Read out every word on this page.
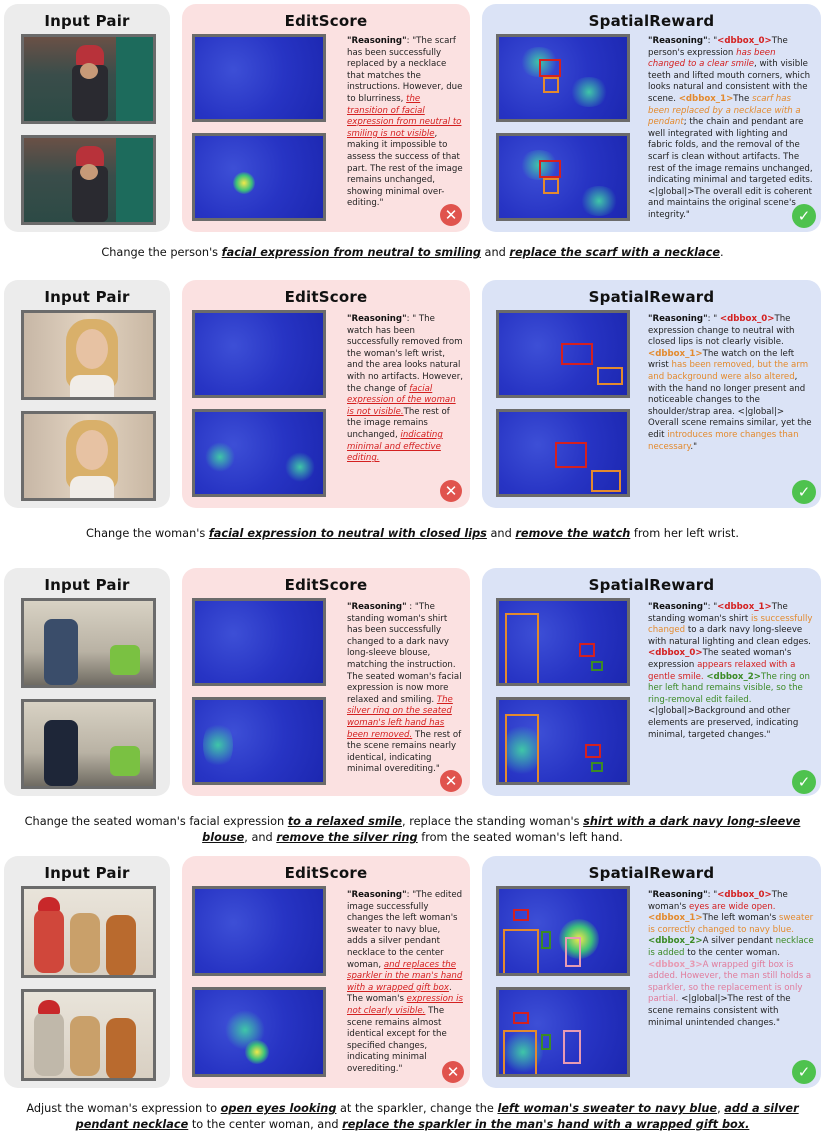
Input Pair	EditScore
"Reasoning": "The scarf has been successfully replaced by a necklace that matches the instructions. However, due to blurriness, the transition of facial expression from neutral to smiling is not visible, making it impossible to assess the success of that part. The rest of the image remains unchanged, showing minimal over-editing."
✕
SpatialReward
"Reasoning": "<dbbox_0>The person's expression has been changed to a clear smile, with visible teeth and lifted mouth corners, which looks natural and consistent with the scene. <dbbox_1>The scarf has been replaced by a necklace with a pendant; the chain and pendant are well integrated with lighting and fabric folds, and the removal of the scarf is clean without artifacts. The rest of the image remains unchanged, indicating minimal and targeted edits. <|global|>The overall edit is coherent and maintains the original scene's integrity."	✓
Change the person's facial expression from neutral to smiling and replace the scarf with a necklace.
Input Pair	EditScore
"Reasoning": " The watch has been successfully removed from the woman's left wrist, and the area looks natural with no artifacts. However, the change of facial expression of the woman is not visible.The rest of the image remains unchanged, indicating minimal and effective editing.
✕
SpatialReward
"Reasoning": " <dbbox_0>The expression change to neutral with closed lips is not clearly visible. <dbbox_1>The watch on the left wrist has been removed, but the arm and background were also altered, with the hand no longer present and noticeable changes to the shoulder/strap area. <|global|> Overall scene remains similar, yet the edit introduces more changes than necessary."
✓
Change the woman's facial expression to neutral with closed lips and remove the watch from her left wrist.
Input Pair	EditScore
"Reasoning" : "The standing woman's shirt has been successfully changed to a dark navy long-sleeve blouse, matching the instruction. The seated woman's facial expression is now more relaxed and smiling. The silver ring on the seated woman's left hand has been removed. The rest of the scene remains nearly identical, indicating minimal overediting."
✕
SpatialReward
"Reasoning": "<dbbox_1>The standing woman's shirt is successfully changed to a dark navy long-sleeve with natural lighting and clean edges. <dbbox_0>The seated woman's expression appears relaxed with a gentle smile. <dbbox_2>The ring on her left hand remains visible, so the ring-removal edit failed. <|global|>Background and other elements are preserved, indicating minimal, targeted changes."
✓
Change the seated woman's facial expression to a relaxed smile, replace the standing woman's shirt with a dark navy long-sleeve blouse, and remove the silver ring from the seated woman's left hand.
Input Pair	EditScore
"Reasoning": "The edited image successfully changes the left woman's sweater to navy blue, adds a silver pendant necklace to the center woman, and replaces the sparkler in the man's hand with a wrapped gift box. The woman's expression is not clearly visible. The scene remains almost identical except for the specified changes, indicating minimal overediting."	✕
SpatialReward
"Reasoning": "<dbbox_0>The woman's eyes are wide open. <dbbox_1>The left woman's sweater is correctly changed to navy blue. <dbbox_2>A silver pendant necklace is added to the center woman. <dbbox_3>A wrapped gift box is added. However, the man still holds a sparkler, so the replacement is only partial. <|global|>The rest of the scene remains consistent with minimal unintended changes."
✓
Adjust the woman's expression to open eyes looking at the sparkler, change the left woman's sweater to navy blue, add a silver pendant necklace to the center woman, and replace the sparkler in the man's hand with a wrapped gift box.
